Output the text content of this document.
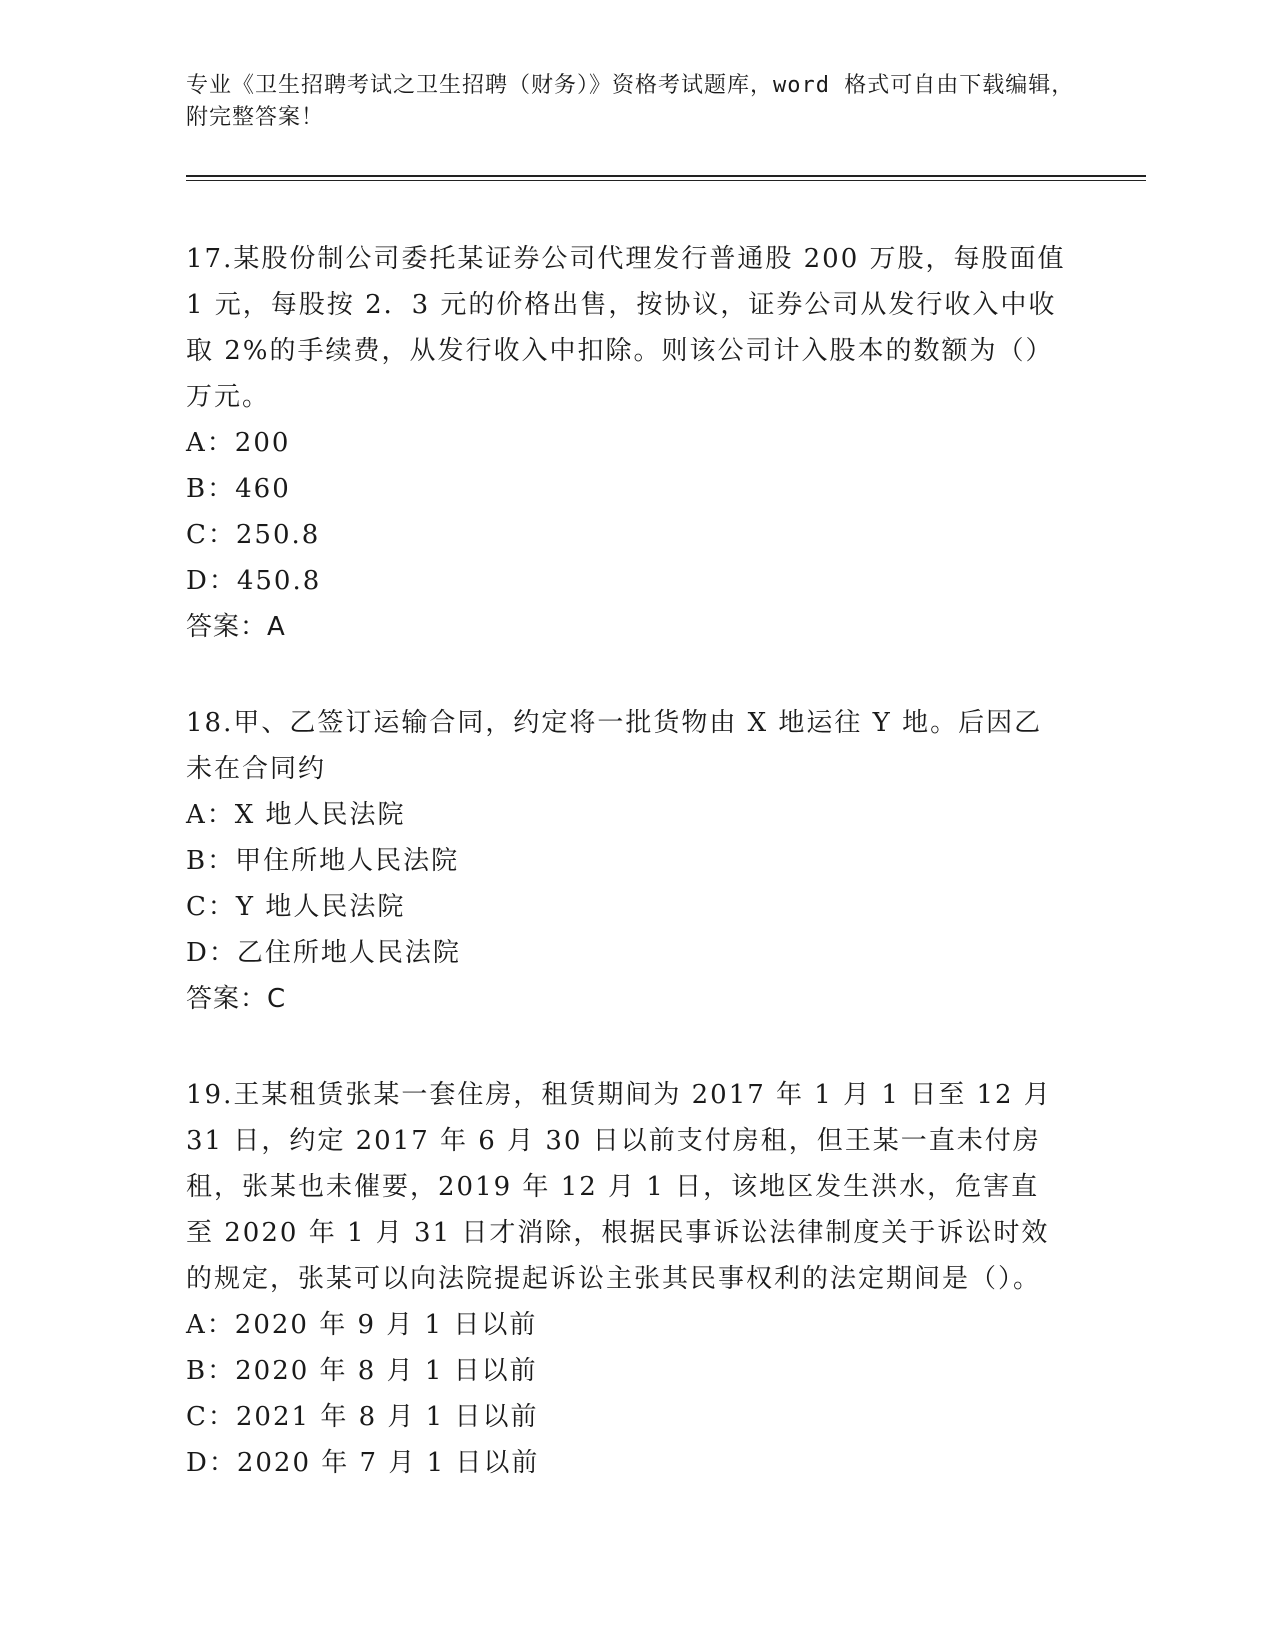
专业《卫生招聘考试之卫生招聘（财务）》资格考试题库，word 格式可自由下载编辑，附完整答案！

17.某股份制公司委托某证券公司代理发行普通股 200 万股，每股面值 1 元，每股按 2．3 元的价格出售，按协议，证券公司从发行收入中收取 2%的手续费，从发行收入中扣除。则该公司计入股本的数额为（）万元。

A：200

B：460

C：250.8

D：450.8

答案：A

18.甲、乙签订运输合同，约定将一批货物由 X 地运往 Y 地。后因乙未在合同约

A：X 地人民法院

B：甲住所地人民法院

C：Y 地人民法院

D：乙住所地人民法院

答案：C

19.王某租赁张某一套住房，租赁期间为 2017 年 1 月 1 日至 12 月 31 日，约定 2017 年 6 月 30 日以前支付房租，但王某一直未付房租，张某也未催要，2019 年 12 月 1 日，该地区发生洪水，危害直至 2020 年 1 月 31 日才消除，根据民事诉讼法律制度关于诉讼时效的规定，张某可以向法院提起诉讼主张其民事权利的法定期间是（）。

A：2020 年 9 月 1 日以前

B：2020 年 8 月 1 日以前

C：2021 年 8 月 1 日以前

D：2020 年 7 月 1 日以前
